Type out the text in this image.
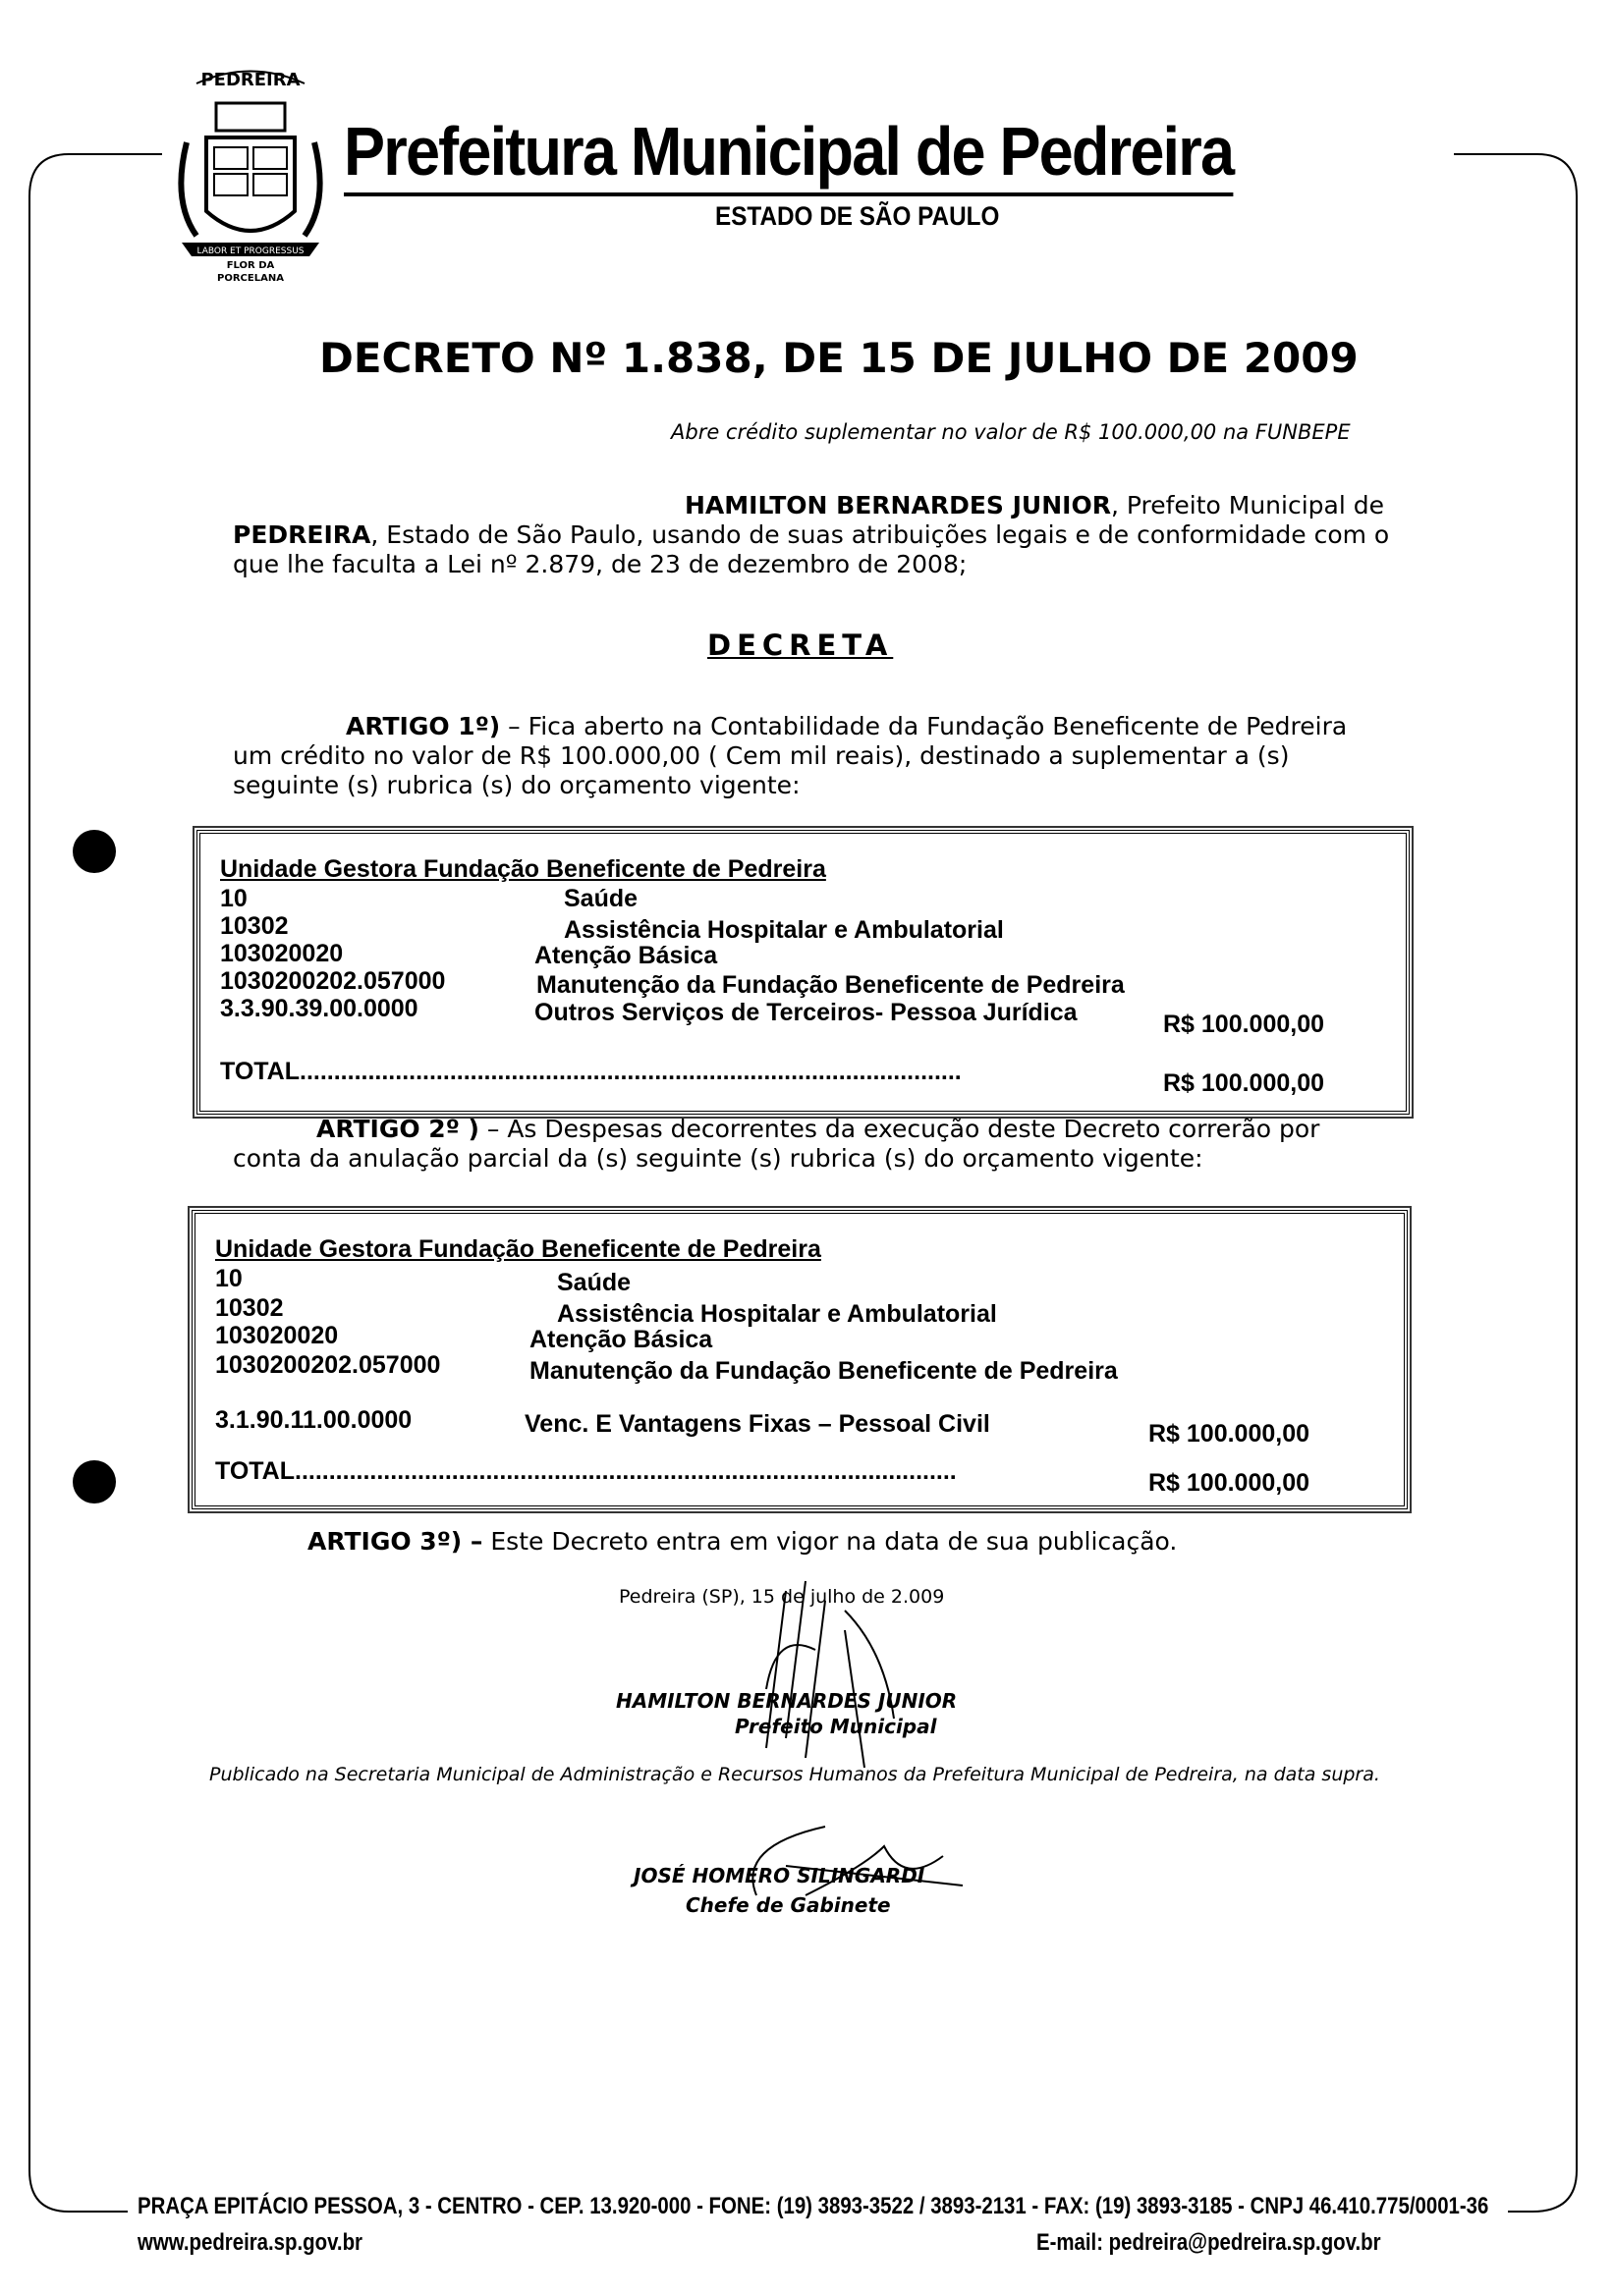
PEDREIRA
LABOR ET PROGRESSUS
FLOR DA
PORCELANA
Prefeitura Municipal de Pedreira
ESTADO DE SÃO PAULO
DECRETO Nº 1.838, DE 15 DE JULHO DE 2009
Abre crédito suplementar no valor de R$ 100.000,00 na FUNBEPE
HAMILTON BERNARDES JUNIOR, Prefeito Municipal de PEDREIRA, Estado de São Paulo, usando de suas atribuições legais e de conformidade com o que lhe faculta a Lei nº 2.879, de 23 de dezembro de 2008;
DECRETA
ARTIGO 1º) – Fica aberto na Contabilidade da Fundação Beneficente de Pedreira um crédito no valor de R$ 100.000,00 ( Cem mil reais), destinado a suplementar a (s) seguinte (s) rubrica (s) do orçamento vigente:
Unidade Gestora Fundação Beneficente de Pedreira
10	Saúde
10302	Assistência Hospitalar e Ambulatorial
103020020	Atenção Básica
1030200202.057000	Manutenção da Fundação Beneficente de Pedreira
3.3.90.39.00.0000	Outros Serviços de Terceiros- Pessoa Jurídica	R$ 100.000,00
TOTAL.................................................................................................	R$ 100.000,00
ARTIGO 2º ) – As Despesas decorrentes da execução deste Decreto correrão por conta da anulação parcial da (s) seguinte (s) rubrica (s) do orçamento vigente:
Unidade Gestora Fundação Beneficente de Pedreira
10	Saúde
10302	Assistência Hospitalar e Ambulatorial
103020020	Atenção Básica
1030200202.057000	Manutenção da Fundação Beneficente de Pedreira
3.1.90.11.00.0000	Venc. E Vantagens Fixas – Pessoal Civil	R$ 100.000,00
TOTAL.................................................................................................	R$ 100.000,00
ARTIGO 3º) – Este Decreto entra em vigor na data de sua publicação.
Pedreira (SP), 15 de julho de 2.009
HAMILTON BERNARDES JUNIOR
Prefeito Municipal
Publicado na Secretaria Municipal de Administração e Recursos Humanos da Prefeitura Municipal de Pedreira, na data supra.
JOSÉ HOMERO SILINGARDI
Chefe de Gabinete
PRAÇA EPITÁCIO PESSOA, 3 - CENTRO - CEP. 13.920-000 - FONE: (19) 3893-3522 / 3893-2131 - FAX: (19) 3893-3185 - CNPJ 46.410.775/0001-36
www.pedreira.sp.gov.br	E-mail: pedreira@pedreira.sp.gov.br
